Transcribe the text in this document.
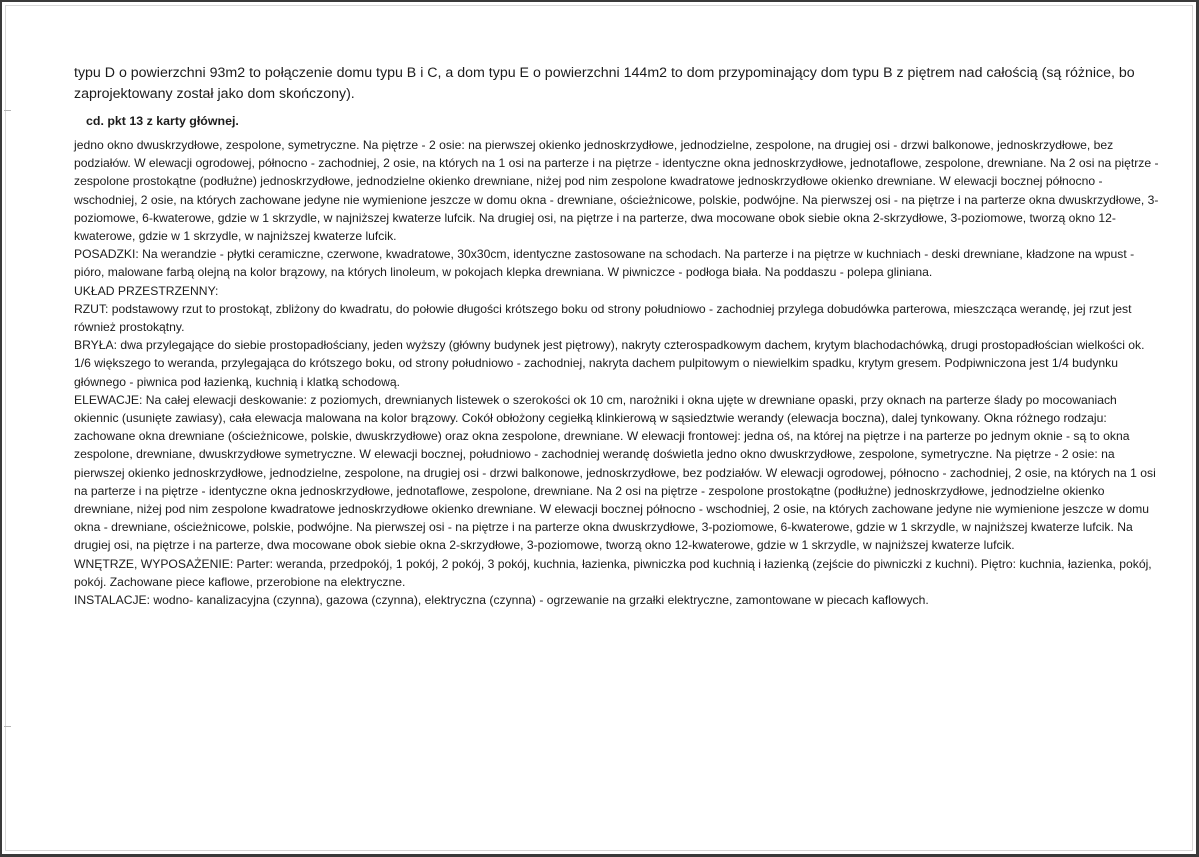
typu D o powierzchni 93m2 to połączenie domu typu B i C, a dom typu E o powierzchni 144m2 to dom przypominający dom typu B z piętrem nad całością (są różnice, bo zaprojektowany został jako dom skończony).

cd. pkt 13 z karty głównej.

jedno okno dwuskrzydłowe, zespolone, symetryczne. Na piętrze - 2 osie: na pierwszej okienko jednoskrzydłowe, jednodzielne, zespolone, na drugiej osi - drzwi balkonowe, jednoskrzydłowe, bez podziałów. W elewacji ogrodowej, północno - zachodniej, 2 osie, na których na 1 osi na parterze i na piętrze - identyczne okna jednoskrzydłowe, jednotaflowe, zespolone, drewniane. Na 2 osi na piętrze - zespolone prostokątne (podłużne) jednoskrzydłowe, jednodzielne okienko drewniane, niżej pod nim zespolone kwadratowe jednoskrzydłowe okienko drewniane. W elewacji bocznej północno - wschodniej, 2 osie, na których zachowane jedyne nie wymienione jeszcze w domu okna - drewniane, ościeżnicowe, polskie, podwójne. Na pierwszej osi - na piętrze i na parterze okna dwuskrzydłowe, 3-poziomowe, 6-kwaterowe, gdzie w 1 skrzydle, w najniższej kwaterze lufcik. Na drugiej osi, na piętrze i na parterze, dwa mocowane obok siebie okna 2-skrzydłowe, 3-poziomowe, tworzą okno 12-kwaterowe, gdzie w 1 skrzydle, w najniższej kwaterze lufcik.

POSADZKI: Na werandzie - płytki ceramiczne, czerwone, kwadratowe, 30x30cm, identyczne zastosowane na schodach. Na parterze i na piętrze w kuchniach - deski drewniane, kładzone na wpust - pióro, malowane farbą olejną na kolor brązowy, na których linoleum, w pokojach klepka drewniana. W piwniczce - podłoga biała. Na poddaszu - polepa gliniana.

UKŁAD PRZESTRZENNY:

RZUT: podstawowy rzut to prostokąt, zbliżony do kwadratu, do połowie długości krótszego boku od strony południowo - zachodniej przylega dobudówka parterowa, mieszcząca werandę, jej rzut jest również prostokątny.

BRYŁA: dwa przylegające do siebie prostopadłościany, jeden wyższy (główny budynek jest piętrowy), nakryty czterospadkowym dachem, krytym blachodachówką, drugi prostopadłościan wielkości ok. 1/6 większego to weranda, przylegająca do krótszego boku, od strony południowo - zachodniej, nakryta dachem pulpitowym o niewielkim spadku, krytym gresem. Podpiwniczona jest 1/4 budynku głównego - piwnica pod łazienką, kuchnią i klatką schodową.

ELEWACJE: Na całej elewacji deskowanie: z poziomych, drewnianych listewek o szerokości ok 10 cm, narożniki i okna ujęte w drewniane opaski, przy oknach na parterze ślady po mocowaniach okiennic (usunięte zawiasy), cała elewacja malowana na kolor brązowy. Cokół obłożony cegiełką klinkierową w sąsiedztwie werandy (elewacja boczna), dalej tynkowany. Okna różnego rodzaju: zachowane okna drewniane (ościeżnicowe, polskie, dwuskrzydłowe) oraz okna zespolone, drewniane. W elewacji frontowej: jedna oś, na której na piętrze i na parterze po jednym oknie - są to okna zespolone, drewniane, dwuskrzydłowe symetryczne. W elewacji bocznej, południowo - zachodniej werandę doświetla jedno okno dwuskrzydłowe, zespolone, symetryczne. Na piętrze - 2 osie: na pierwszej okienko jednoskrzydłowe, jednodzielne, zespolone, na drugiej osi - drzwi balkonowe, jednoskrzydłowe, bez podziałów. W elewacji ogrodowej, północno - zachodniej, 2 osie, na których na 1 osi na parterze i na piętrze - identyczne okna jednoskrzydłowe, jednotaflowe, zespolone, drewniane. Na 2 osi na piętrze - zespolone prostokątne (podłużne) jednoskrzydłowe, jednodzielne okienko drewniane, niżej pod nim zespolone kwadratowe jednoskrzydłowe okienko drewniane. W elewacji bocznej północno - wschodniej, 2 osie, na których zachowane jedyne nie wymienione jeszcze w domu okna - drewniane, ościeżnicowe, polskie, podwójne. Na pierwszej osi - na piętrze i na parterze okna dwuskrzydłowe, 3-poziomowe, 6-kwaterowe, gdzie w 1 skrzydle, w najniższej kwaterze lufcik. Na drugiej osi, na piętrze i na parterze, dwa mocowane obok siebie okna 2-skrzydłowe, 3-poziomowe, tworzą okno 12-kwaterowe, gdzie w 1 skrzydle, w najniższej kwaterze lufcik.

WNĘTRZE, WYPOSAŻENIE: Parter: weranda, przedpokój, 1 pokój, 2 pokój, 3 pokój, kuchnia, łazienka, piwniczka pod kuchnią i łazienką (zejście do piwniczki z kuchni). Piętro: kuchnia, łazienka, pokój, pokój. Zachowane piece kaflowe, przerobione na elektryczne.

INSTALACJE: wodno- kanalizacyjna (czynna), gazowa (czynna), elektryczna (czynna) - ogrzewanie na grzałki elektryczne, zamontowane w piecach kaflowych.
